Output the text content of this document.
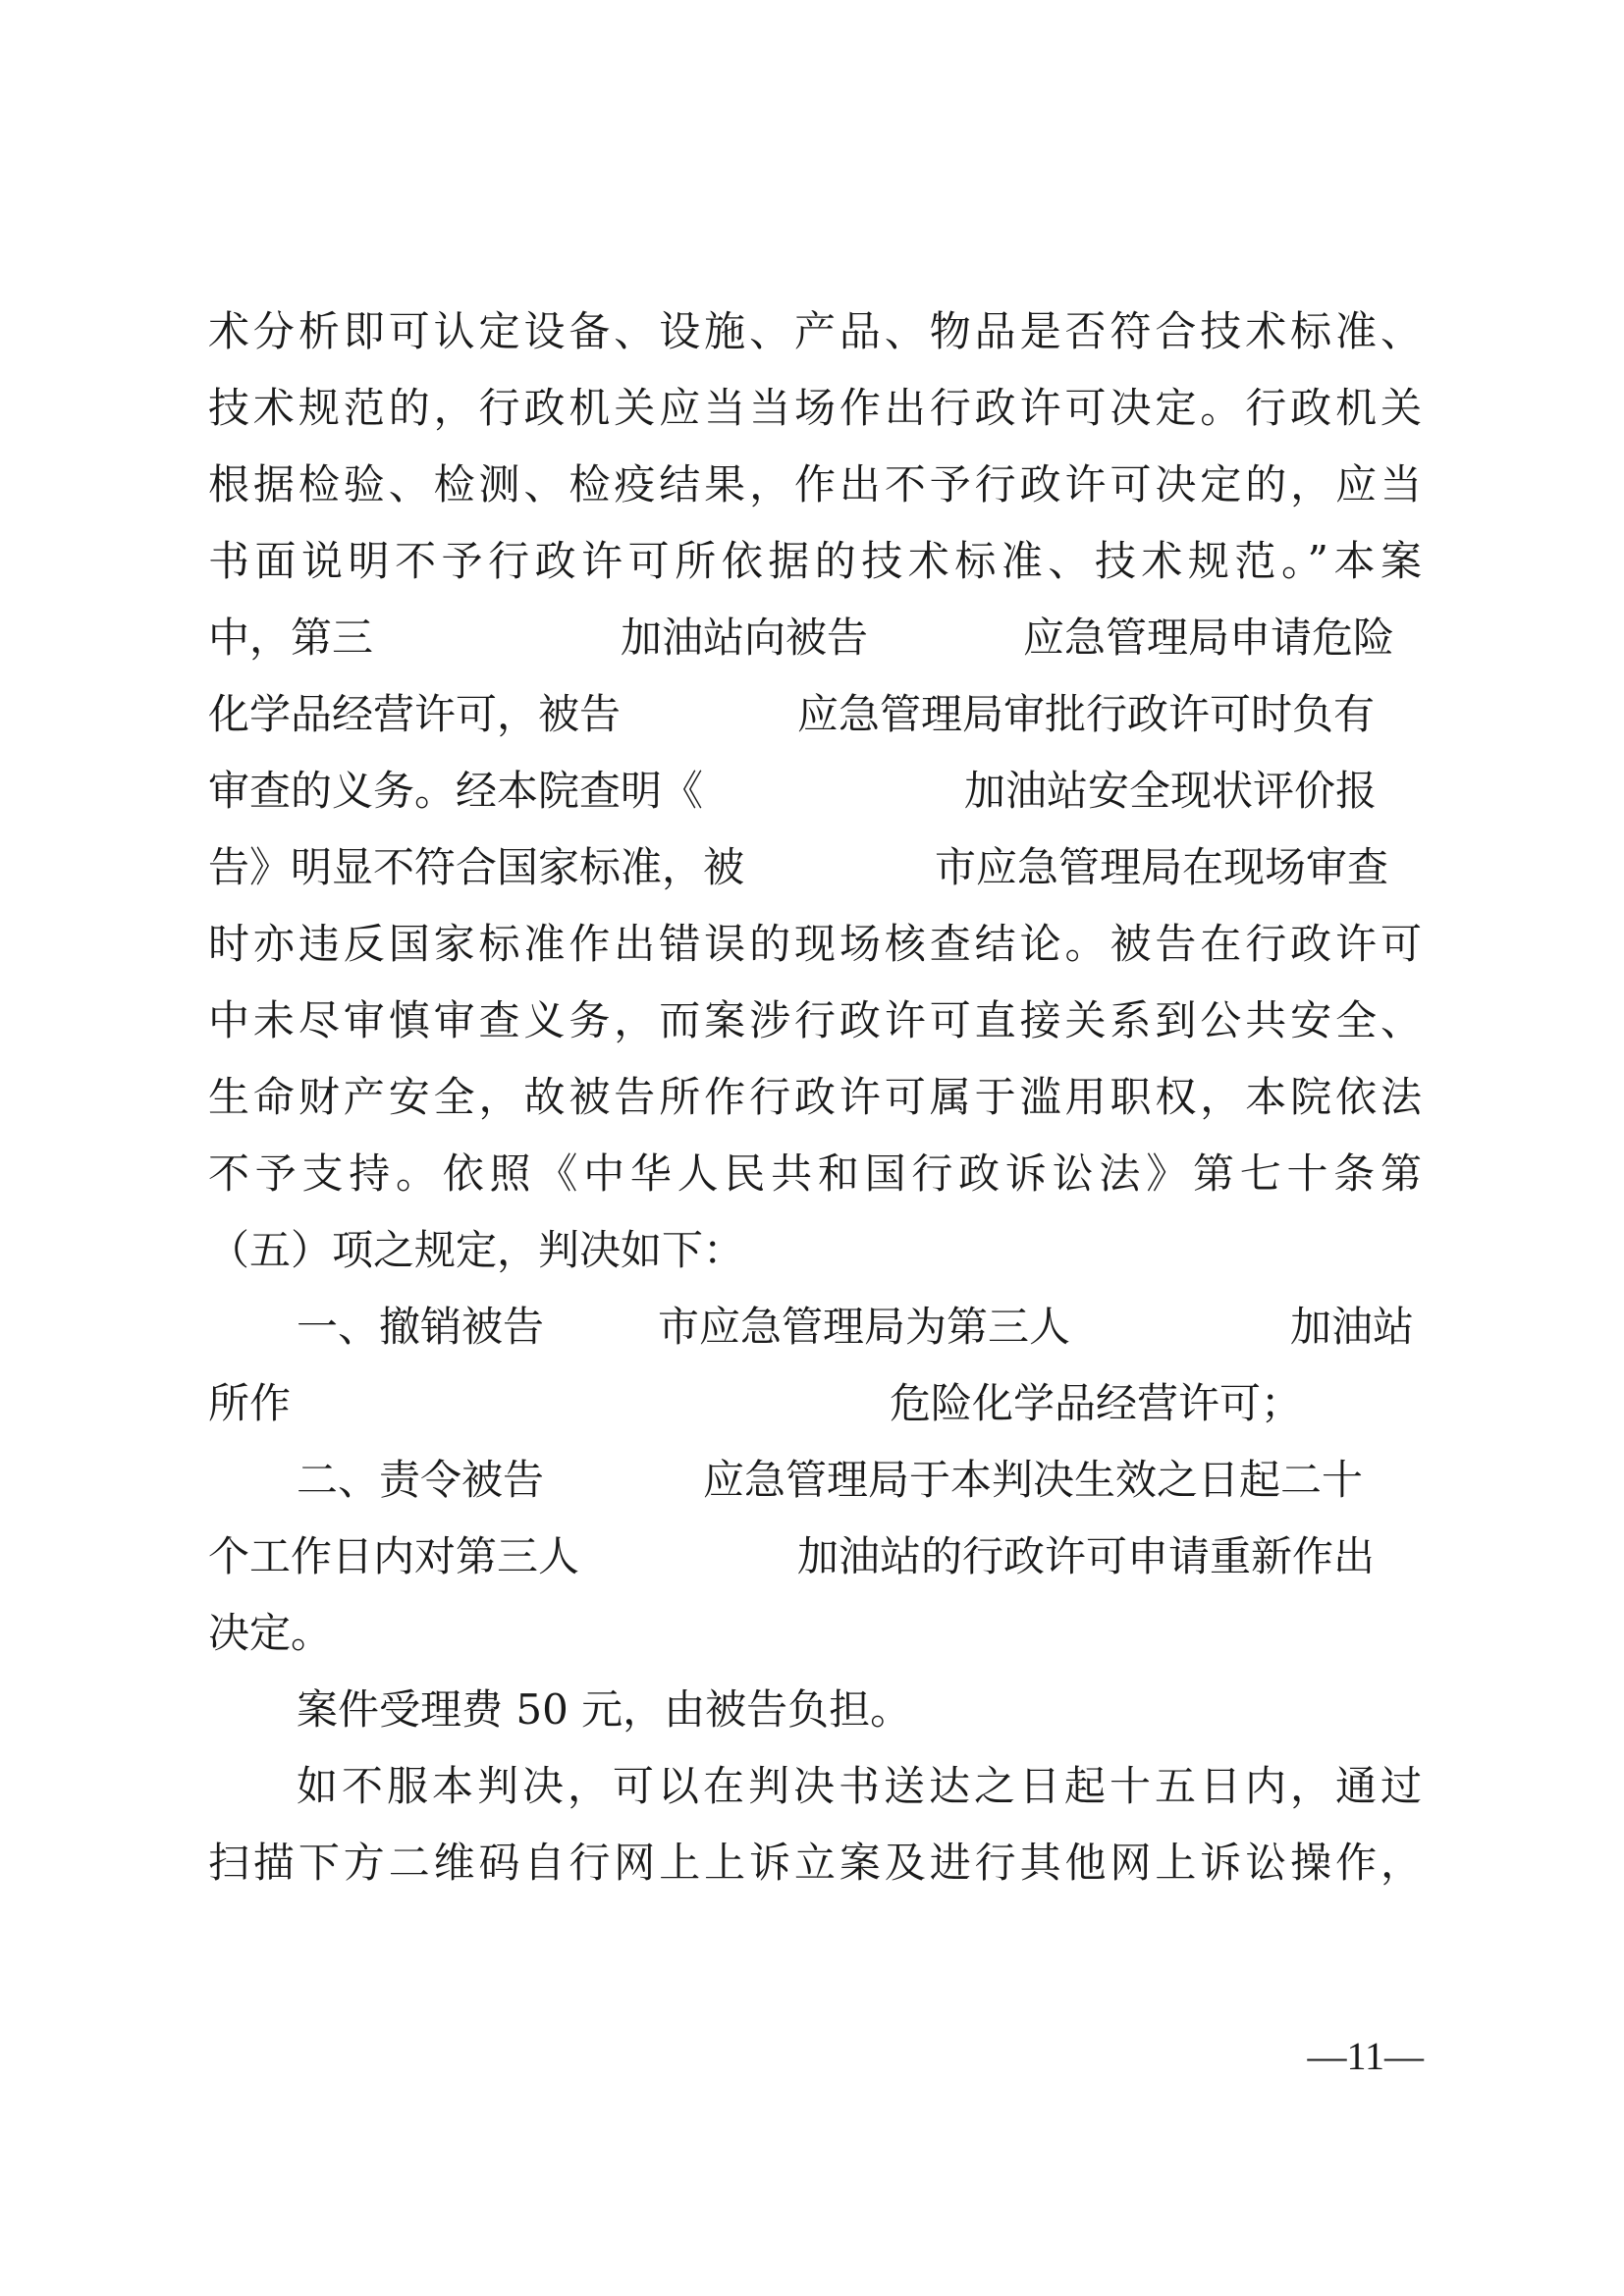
术分析即可认定设备、设施、产品、物品是否符合技术标准、
技术规范的，行政机关应当当场作出行政许可决定。行政机关
根据检验、检测、检疫结果，作出不予行政许可决定的，应当
书面说明不予行政许可所依据的技术标准、技术规范。”本案
中，第三	加油站向被告	应急管理局申请危险
化学品经营许可，被告	应急管理局审批行政许可时负有
审查的义务。经本院查明《	加油站安全现状评价报
告》明显不符合国家标准，被	市应急管理局在现场审查
时亦违反国家标准作出错误的现场核查结论。被告在行政许可
中未尽审慎审查义务，而案涉行政许可直接关系到公共安全、
生命财产安全，故被告所作行政许可属于滥用职权，本院依法
不予支持。依照《中华人民共和国行政诉讼法》第七十条第
（五）项之规定，判决如下：
一、撤销被告	市应急管理局为第三人	加油站
所作	危险化学品经营许可；
二、责令被告	应急管理局于本判决生效之日起二十
个工作日内对第三人	加油站的行政许可申请重新作出
决定。
案件受理费 50 元，由被告负担。
如不服本判决，可以在判决书送达之日起十五日内，通过
扫描下方二维码自行网上上诉立案及进行其他网上诉讼操作，
—11—
